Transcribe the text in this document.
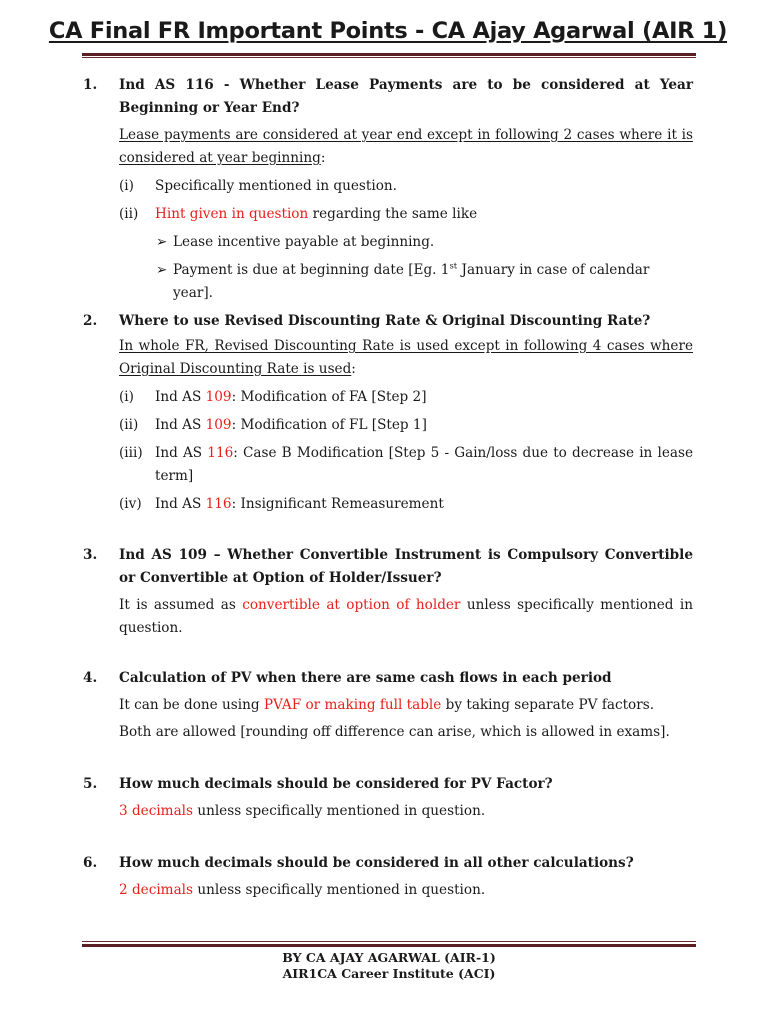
CA Final FR Important Points - CA Ajay Agarwal (AIR 1)
1. Ind AS 116 - Whether Lease Payments are to be considered at Year Beginning or Year End?
Lease payments are considered at year end except in following 2 cases where it is considered at year beginning:
(i) Specifically mentioned in question.
(ii) Hint given in question regarding the same like
➢ Lease incentive payable at beginning.
➢ Payment is due at beginning date [Eg. 1st January in case of calendar year].
2. Where to use Revised Discounting Rate & Original Discounting Rate?
In whole FR, Revised Discounting Rate is used except in following 4 cases where Original Discounting Rate is used:
(i) Ind AS 109: Modification of FA [Step 2]
(ii) Ind AS 109: Modification of FL [Step 1]
(iii) Ind AS 116: Case B Modification [Step 5 - Gain/loss due to decrease in lease term]
(iv) Ind AS 116: Insignificant Remeasurement
3. Ind AS 109 – Whether Convertible Instrument is Compulsory Convertible or Convertible at Option of Holder/Issuer?
It is assumed as convertible at option of holder unless specifically mentioned in question.
4. Calculation of PV when there are same cash flows in each period
It can be done using PVAF or making full table by taking separate PV factors.
Both are allowed [rounding off difference can arise, which is allowed in exams].
5. How much decimals should be considered for PV Factor?
3 decimals unless specifically mentioned in question.
6. How much decimals should be considered in all other calculations?
2 decimals unless specifically mentioned in question.
BY CA AJAY AGARWAL (AIR-1)
AIR1CA Career Institute (ACI)
